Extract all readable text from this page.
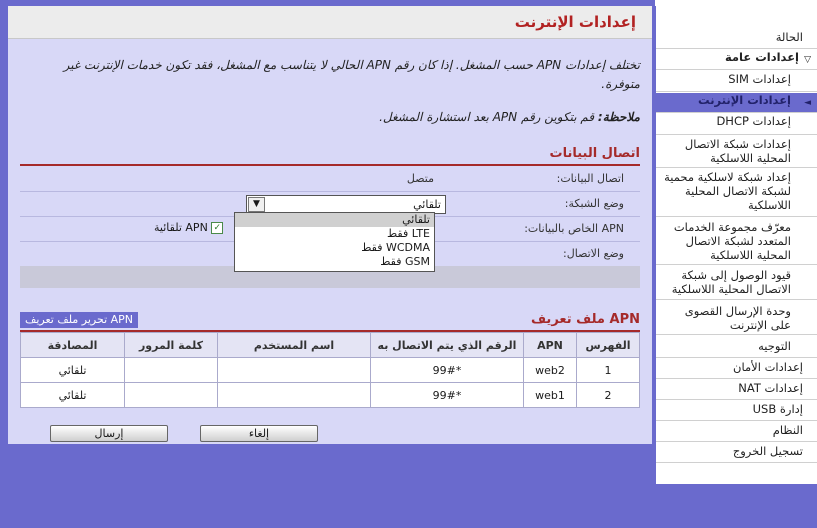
إعدادات الإنترنت
تختلف إعدادات APN حسب المشغل. إذا كان رقم APN الحالي لا يتناسب مع المشغل، فقد تكون خدمات الإنترنت غير متوفرة.
ملاحظة: قم بتكوين رقم APN بعد استشارة المشغل.
اتصال البيانات
اتصال البيانات:
متصل
وضع الشبكة:
تلقائي
▼
APN الخاص بالبيانات:
✓ APN تلقائية
وضع الاتصال:
ملف تعريف APN
تحرير ملف تعريف APN
الفهرس	APN	الرقم الذي يتم الاتصال به	اسم المستخدم	كلمة المرور	المصادقة
1	web2	*99#			تلقائي
2	web1	*99#			تلقائي
إرسال	إلغاء
تلقائي
LTE فقط
WCDMA فقط
GSM فقط
الحالة
▽
إعدادات عامة
إعدادات SIM
◄
إعدادات الإنترنت
إعدادات DHCP
إعدادات شبكة الاتصال المحلية اللاسلكية
إعداد شبكة لاسلكية محمية لشبكة الاتصال المحلية اللاسلكية
معرّف مجموعة الخدمات المتعدد لشبكة الاتصال المحلية اللاسلكية
قيود الوصول إلى شبكة الاتصال المحلية اللاسلكية
وحدة الإرسال القصوى على الإنترنت
التوجيه
إعدادات الأمان
إعدادات NAT
إدارة USB
النظام
تسجيل الخروج
